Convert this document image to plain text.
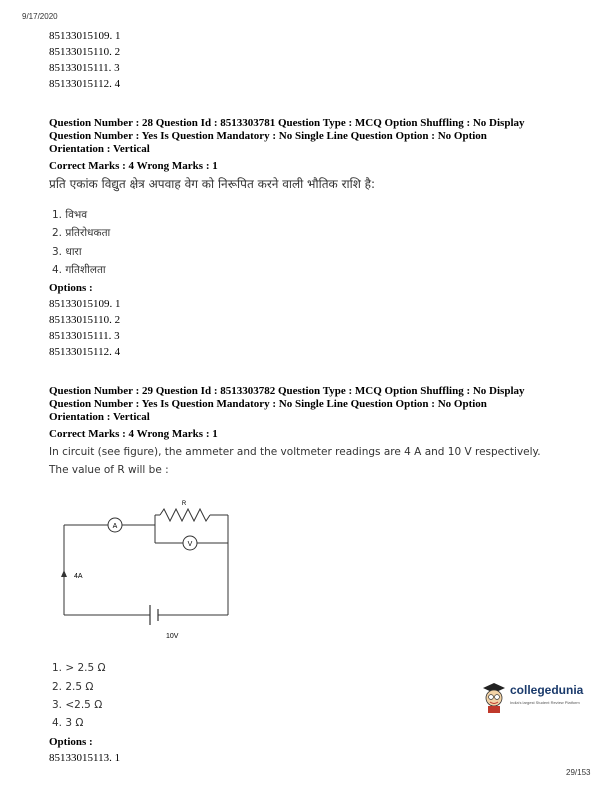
9/17/2020
85133015109. 1
85133015110. 2
85133015111. 3
85133015112. 4
Question Number : 28 Question Id : 8513303781 Question Type : MCQ Option Shuffling : No Display
Question Number : Yes Is Question Mandatory : No Single Line Question Option : No Option
Orientation : Vertical
Correct Marks : 4 Wrong Marks : 1
प्रति एकांक विद्युत क्षेत्र अपवाह वेग को निरूपित करने वाली भौतिक राशि है:
1. विभव
2. प्रतिरोधकता
3. धारा
4. गतिशीलता
Options :
85133015109. 1
85133015110. 2
85133015111. 3
85133015112. 4
Question Number : 29 Question Id : 8513303782 Question Type : MCQ Option Shuffling : No Display
Question Number : Yes Is Question Mandatory : No Single Line Question Option : No Option
Orientation : Vertical
Correct Marks : 4 Wrong Marks : 1
In circuit (see figure), the ammeter and the voltmeter readings are 4 A and 10 V respectively.
The value of R will be :
A
V
R
10V
4A
1. > 2.5 Ω
2. 2.5 Ω
3. <2.5 Ω
4. 3 Ω
Options :
85133015113. 1
collegedunia
India's largest Student Review Platform
29/153
